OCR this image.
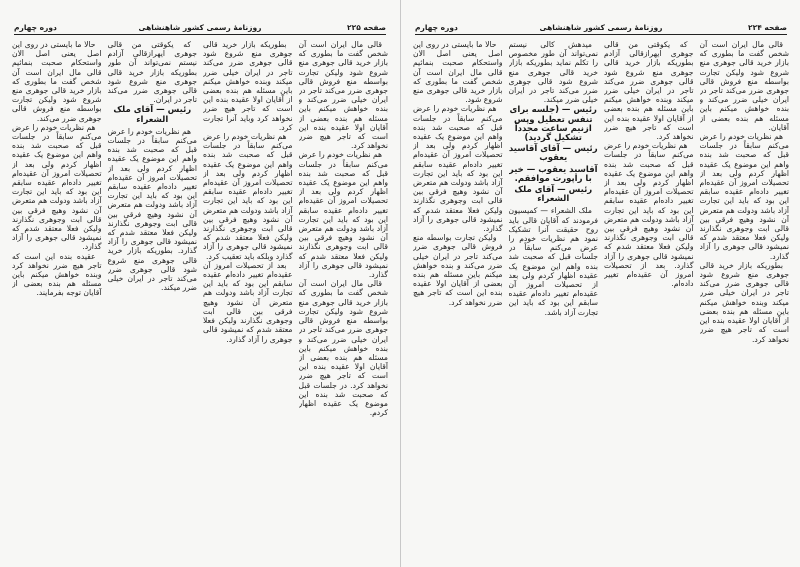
صفحه ۲۲۵
روزنامهٔ رسمی کشور شاهنشاهی
دوره چهارم

قالی مال ایران است آن شخص گفت ما بطوری که بازار خرید قالی جوهری منع شروع شود ولیکن تجارت بواسطه منع فروش قالی جوهری ضرر می‌کند تاجر در ایران خیلی ضرر می‌کند و بنده خواهش میکنم باین مسئله هم بنده بعضی از آقایان اولا عقیده بنده این است که تاجر هیچ ضرر نخواهد کرد.

هم نظریات خودم را عرض می‌کنم سابقاً در جلسات قبل که صحبت شد بنده واهم این موضوع یک عقیده اظهار کردم ولی بعد از تحصیلات امروز آن عقیده‌ام تغییر داده‌ام عقیده سابقم این بود که باید این تجارت آزاد باشد ودولت هم متعرض آن نشود وهیچ فرقی بین قالی ابت وجوهری نگذارند ولیکن فعلا معتقد شدم که نمیشود قالی جوهری را آزاد گذارد.

قالی مال ایران است آن شخص گفت ما بطوری که بازار خرید قالی جوهری منع شروع شود ولیکن تجارت بواسطه منع فروش قالی جوهری ضرر می‌کند تاجر در ایران خیلی ضرر می‌کند و بنده خواهش میکنم باین مسئله هم بنده بعضی از آقایان اولا عقیده بنده این است که تاجر هیچ ضرر نخواهد کرد. در جلسات قبل که صحبت شد بنده این موضوع یک عقیده اظهار کردم.

بطوریکه بازار خرید قالی جوهری منع شروع شود قالی جوهری ضرر می‌کند تاجر در ایران خیلی ضرر میکند وبنده خواهش میکنم باین مسئله هم بنده بعضی از آقایان اولا عقیده بنده این است که تاجر هیچ ضرر نخواهد کرد وباید آنرا تجارت کرد.

هم نظریات خودم را عرض می‌کنم سابقاً در جلسات قبل که صحبت شد بنده واهم این موضوع یک عقیده اظهار کردم ولی بعد از تحصیلات امروز آن عقیده‌ام تغییر داده‌ام عقیده سابقم این بود که باید این تجارت آزاد باشد ودولت هم متعرض آن نشود وهیچ فرقی بین قالی ابت وجوهری نگذارند ولیکن فعلا معتقد شدم که نمیشود قالی جوهری را آزاد گذارد وبلکه باید تعقیب کرد.

بعد از تحصیلات امروز آن عقیده‌ام تغییر داده‌ام عقیده سابقم این بود که باید این تجارت آزاد باشد ودولت هم متعرض آن نشود وهیچ فرقی بین قالی ابت وجوهری نگذارند ولیکن فعلا معتقد شدم که نمیشود قالی جوهری را آزاد گذارد.

که یکوقتی من قالی جوهری ایهرازقالی آزادم نیستم نمی‌تواند آن طور بطوریکه بازار خرید قالی جوهری منع شروع شود قالی جوهری ضرر می‌کند تاجر در ایران.

رئیس — آقای ملک الشعراء

هم نظریات خودم را عرض می‌کنم سابقاً در جلسات قبل که صحبت شد بنده واهم این موضوع یک عقیده اظهار کردم ولی بعد از تحصیلات امروز آن عقیده‌ام تغییر داده‌ام عقیده سابقم این بود که باید این تجارت آزاد باشد ودولت هم متعرض آن نشود وهیچ فرقی بین قالی ابت وجوهری نگذارند ولیکن فعلا معتقد شدم که نمیشود قالی جوهری را آزاد گذارد. بطوریکه بازار خرید قالی جوهری منع شروع شود قالی جوهری ضرر می‌کند تاجر در ایران خیلی ضرر میکند.

حالا ما بایستی در روی این اصل یعنی اصل الان واستحکام صحبت بنمائیم قالی مال ایران است آن شخص گفت ما بطوری که بازار خرید قالی جوهری منع شروع شود ولیکن تجارت بواسطه منع فروش قالی جوهری ضرر می‌کند.

هم نظریات خودم را عرض می‌کنم سابقاً در جلسات قبل که صحبت شد بنده واهم این موضوع یک عقیده اظهار کردم ولی بعد از تحصیلات امروز آن عقیده‌ام تغییر داده‌ام عقیده سابقم این بود که باید این تجارت آزاد باشد ودولت هم متعرض آن نشود وهیچ فرقی بین قالی ابت وجوهری نگذارند ولیکن فعلا معتقد شدم که نمیشود قالی جوهری را آزاد گذارد.

عقیده بنده این است که تاجر هیچ ضرر نخواهد کرد وبنده خواهش میکنم باین مسئله هم بنده بعضی از آقایان توجه بفرمایند.

صفحه ۲۲۴
روزنامهٔ رسمی کشور شاهنشاهی
دوره چهارم

قالی مال ایران است آن شخص گفت ما بطوری که بازار خرید قالی جوهری منع شروع شود ولیکن تجارت بواسطه منع فروش قالی جوهری ضرر می‌کند تاجر در ایران خیلی ضرر می‌کند و بنده خواهش میکنم باین مسئله هم بنده بعضی از آقایان.

هم نظریات خودم را عرض می‌کنم سابقاً در جلسات قبل که صحبت شد بنده واهم این موضوع یک عقیده اظهار کردم ولی بعد از تحصیلات امروز آن عقیده‌ام تغییر داده‌ام عقیده سابقم این بود که باید این تجارت آزاد باشد ودولت هم متعرض آن نشود وهیچ فرقی بین قالی ابت وجوهری نگذارند ولیکن فعلا معتقد شدم که نمیشود قالی جوهری را آزاد گذارد.

بطوریکه بازار خرید قالی جوهری منع شروع شود قالی جوهری ضرر می‌کند تاجر در ایران خیلی ضرر میکند وبنده خواهش میکنم باین مسئله هم بنده بعضی از آقایان اولا عقیده بنده این است که تاجر هیچ ضرر نخواهد کرد.

که یکوقتی من قالی جوهری ایهرازقالی آزادم بطوریکه بازار خرید قالی جوهری منع شروع شود قالی جوهری ضرر می‌کند تاجر در ایران خیلی ضرر میکند وبنده خواهش میکنم باین مسئله هم بنده بعضی از آقایان اولا عقیده بنده این است که تاجر هیچ ضرر نخواهد کرد.

هم نظریات خودم را عرض می‌کنم سابقاً در جلسات قبل که صحبت شد بنده واهم این موضوع یک عقیده اظهار کردم ولی بعد از تحصیلات امروز آن عقیده‌ام تغییر داده‌ام عقیده سابقم این بود که باید این تجارت آزاد باشد ودولت هم متعرض آن نشود وهیچ فرقی بین قالی ابت وجوهری نگذارند ولیکن فعلا معتقد شدم که نمیشود قالی جوهری را آزاد گذارد. بعد از تحصیلات امروز آن عقیده‌ام تغییر داده‌ام.

میدهش کالی نیستم نمی‌تواند آن طور مخصوص را تکلم نماید بطوریکه بازار خرید قالی جوهری منع شروع شود قالی جوهری ضرر می‌کند تاجر در ایران خیلی ضرر میکند.

رئیس — (جلسه برای تنفس تعطیل وپس ازنیم ساعت مجدداً تشکیل گردید)
رئیس — آقای آقاسید یعقوب
آقاسید یعقوب — خیر با راپورت موافقم.
رئیس — آقای ملک الشعراء

ملک الشعراء — کمیسیون فرمودند که آقایان قالی باید روح حقیقت آنرا تشکیک نمود هم نظریات خودم را عرض می‌کنم سابقاً در جلسات قبل که صحبت شد بنده واهم این موضوع یک عقیده اظهار کردم ولی بعد از تحصیلات امروز آن عقیده‌ام تغییر داده‌ام عقیده سابقم این بود که باید این تجارت آزاد باشد.

حالا ما بایستی در روی این اصل یعنی اصل الان واستحکام صحبت بنمائیم قالی مال ایران است آن شخص گفت ما بطوری که بازار خرید قالی جوهری منع شروع شود.

هم نظریات خودم را عرض می‌کنم سابقاً در جلسات قبل که صحبت شد بنده واهم این موضوع یک عقیده اظهار کردم ولی بعد از تحصیلات امروز آن عقیده‌ام تغییر داده‌ام عقیده سابقم این بود که باید این تجارت آزاد باشد ودولت هم متعرض آن نشود وهیچ فرقی بین قالی ابت وجوهری نگذارند ولیکن فعلا معتقد شدم که نمیشود قالی جوهری را آزاد گذارد.

ولیکن تجارت بواسطه منع فروش قالی جوهری ضرر می‌کند تاجر در ایران خیلی ضرر می‌کند و بنده خواهش میکنم باین مسئله هم بنده بعضی از آقایان اولا عقیده بنده این است که تاجر هیچ ضرر نخواهد کرد.
